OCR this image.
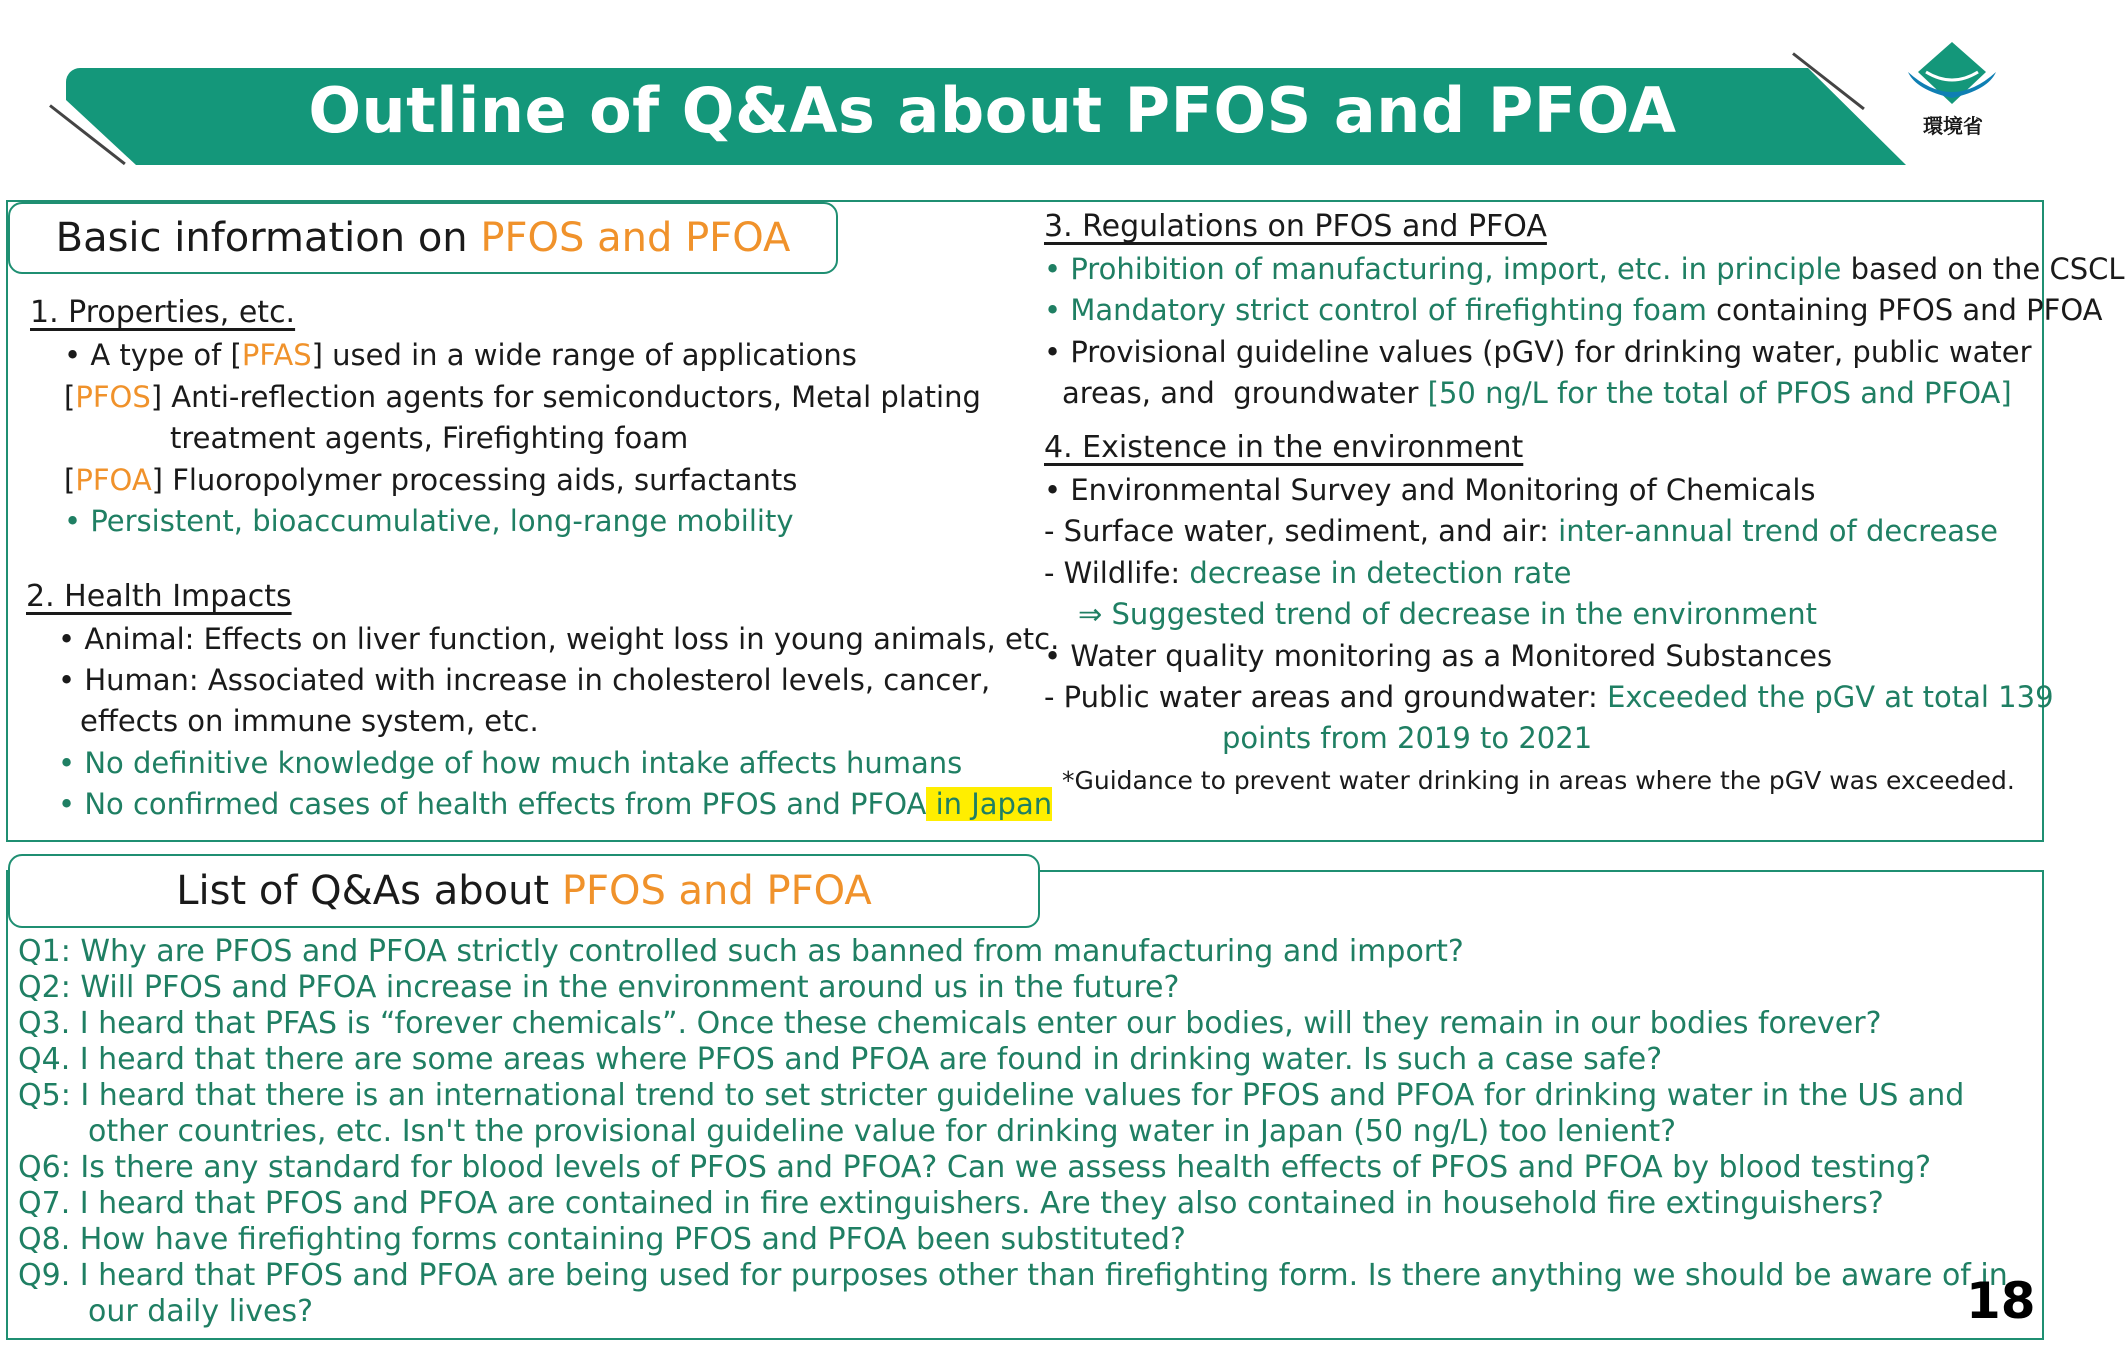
Outline of Q&As about PFOS and PFOA	環境省
Basic information on PFOS and PFOA
1. Properties, etc.
• A type of [PFAS] used in a wide range of applications
[PFOS] Anti-reflection agents for semiconductors, Metal plating
treatment agents, Firefighting foam
[PFOA] Fluoropolymer processing aids, surfactants
• Persistent, bioaccumulative, long-range mobility
2. Health Impacts
• Animal: Effects on liver function, weight loss in young animals, etc.
• Human: Associated with increase in cholesterol levels, cancer,
effects on immune system, etc.
• No definitive knowledge of how much intake affects humans
• No confirmed cases of health effects from PFOS and PFOA in Japan
3. Regulations on PFOS and PFOA
• Prohibition of manufacturing, import, etc. in principle based on the CSCL
• Mandatory strict control of firefighting foam containing PFOS and PFOA
• Provisional guideline values (pGV) for drinking water, public water
areas, and  groundwater [50 ng/L for the total of PFOS and PFOA]
4. Existence in the environment
• Environmental Survey and Monitoring of Chemicals
- Surface water, sediment, and air: inter-annual trend of decrease
- Wildlife: decrease in detection rate
⇒ Suggested trend of decrease in the environment
• Water quality monitoring as a Monitored Substances
- Public water areas and groundwater: Exceeded the pGV at total 139
points from 2019 to 2021
*Guidance to prevent water drinking in areas where the pGV was exceeded.
List of Q&As about PFOS and PFOA
Q1: Why are PFOS and PFOA strictly controlled such as banned from manufacturing and import?
Q2: Will PFOS and PFOA increase in the environment around us in the future?
Q3. I heard that PFAS is “forever chemicals”. Once these chemicals enter our bodies, will they remain in our bodies forever?
Q4. I heard that there are some areas where PFOS and PFOA are found in drinking water. Is such a case safe?
Q5: I heard that there is an international trend to set stricter guideline values for PFOS and PFOA for drinking water in the US and
other countries, etc. Isn't the provisional guideline value for drinking water in Japan (50 ng/L) too lenient?
Q6: Is there any standard for blood levels of PFOS and PFOA? Can we assess health effects of PFOS and PFOA by blood testing?
Q7. I heard that PFOS and PFOA are contained in fire extinguishers. Are they also contained in household fire extinguishers?
Q8. How have firefighting forms containing PFOS and PFOA been substituted?
Q9. I heard that PFOS and PFOA are being used for purposes other than firefighting form. Is there anything we should be aware of in
our daily lives?	18
